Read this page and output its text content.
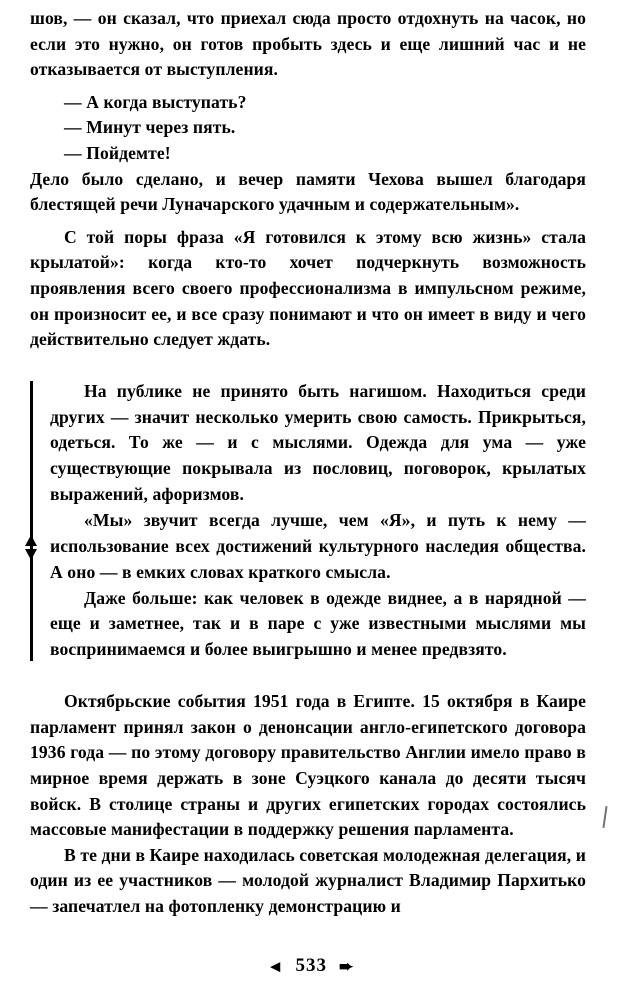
шов, — он сказал, что приехал сюда просто отдохнуть на часок, но если это нужно, он готов пробыть здесь и еще лишний час и не отказывается от выступления.

— А когда выступать?

— Минут через пять.

— Пойдемте!

Дело было сделано, и вечер памяти Чехова вышел благодаря блестящей речи Луначарского удачным и содержательным».

С той поры фраза «Я готовился к этому всю жизнь» стала крылатой»: когда кто-то хочет подчеркнуть возможность проявления всего своего профессионализма в импульсном режиме, он произносит ее, и все сразу понимают и что он имеет в виду и чего действительно следует ждать.

На публике не принято быть нагишом. Находиться среди других — значит несколько умерить свою самость. Прикрыться, одеться. То же — и с мыслями. Одежда для ума — уже существующие покрывала из пословиц, поговорок, крылатых выражений, афоризмов.

«Мы» звучит всегда лучше, чем «Я», и путь к нему — использование всех достижений культурного наследия общества. А оно — в емких словах краткого смысла.

Даже больше: как человек в одежде виднее, а в нарядной — еще и заметнее, так и в паре с уже известными мыслями мы воспринимаемся и более выигрышно и менее предвзято.

Октябрьские события 1951 года в Египте. 15 октября в Каире парламент принял закон о денонсации англо-египетского договора 1936 года — по этому договору правительство Англии имело право в мирное время держать в зоне Суэцкого канала до десяти тысяч войск. В столице страны и других египетских городах состоялись массовые манифестации в поддержку решения парламента.

В те дни в Каире находилась советская молодежная делегация, и один из ее участников — молодой журналист Владимир Пархитько — запечатлел на фотопленку демонстрацию и

◄ 533 ➨
